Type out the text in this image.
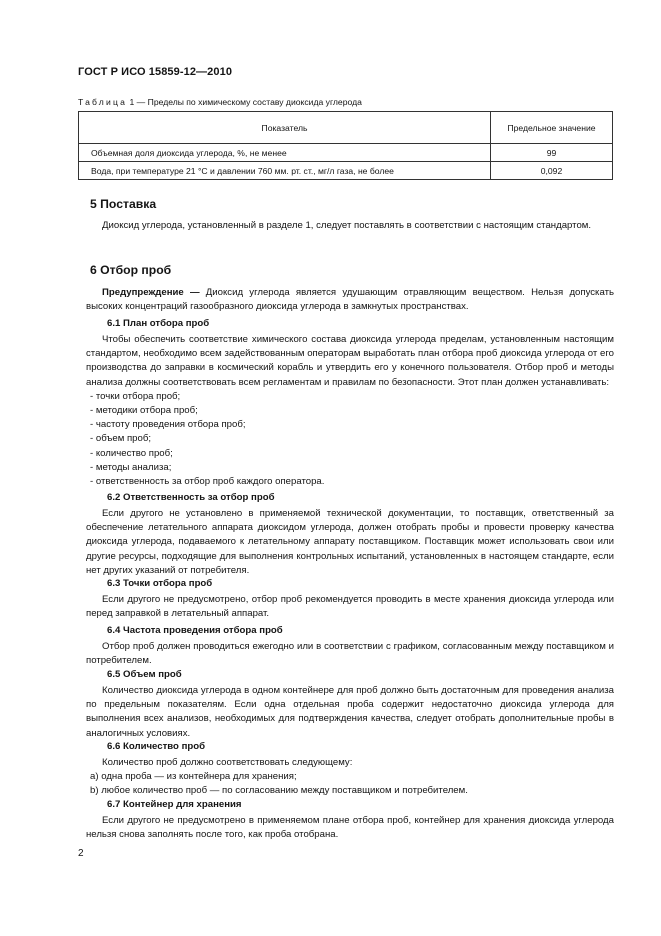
ГОСТ Р ИСО 15859-12—2010
Таблица 1 — Пределы по химическому составу диоксида углерода
Показатель	Предельное значение
Объемная доля диоксида углерода, %, не менее	99
Вода, при температуре 21 °С и давлении 760 мм. рт. ст., мг/л газа, не более	0,092
5 Поставка

Диоксид углерода, установленный в разделе 1, следует поставлять в соответствии с настоящим стандартом.

6 Отбор проб

Предупреждение — Диоксид углерода является удушающим отравляющим веществом. Нельзя допускать высоких концентраций газообразного диоксида углерода в замкнутых пространствах.

6.1 План отбора проб

Чтобы обеспечить соответствие химического состава диоксида углерода пределам, установленным настоящим стандартом, необходимо всем задействованным операторам выработать план отбора проб диоксида углерода от его производства до заправки в космический корабль и утвердить его у конечного пользователя. Отбор проб и методы анализа должны соответствовать всем регламентам и правилам по безопасности. Этот план должен устанавливать:

- точки отбора проб;

- методики отбора проб;

- частоту проведения отбора проб;

- объем проб;

- количество проб;

- методы анализа;

- ответственность за отбор проб каждого оператора.

6.2 Ответственность за отбор проб

Если другого не установлено в применяемой технической документации, то поставщик, ответственный за обеспечение летательного аппарата диоксидом углерода, должен отобрать пробы и провести проверку качества диоксида углерода, подаваемого к летательному аппарату поставщиком. Поставщик может использовать свои или другие ресурсы, подходящие для выполнения контрольных испытаний, установленных в настоящем стандарте, если нет других указаний от потребителя.

6.3 Точки отбора проб

Если другого не предусмотрено, отбор проб рекомендуется проводить в месте хранения диоксида углерода или перед заправкой в летательный аппарат.

6.4 Частота проведения отбора проб

Отбор проб должен проводиться ежегодно или в соответствии с графиком, согласованным между поставщиком и потребителем.

6.5 Объем проб

Количество диоксида углерода в одном контейнере для проб должно быть достаточным для проведения анализа по предельным показателям. Если одна отдельная проба содержит недостаточно диоксида углерода для выполнения всех анализов, необходимых для подтверждения качества, следует отобрать дополнительные пробы в аналогичных условиях.

6.6 Количество проб

Количество проб должно соответствовать следующему:

а) одна проба — из контейнера для хранения;

b) любое количество проб — по согласованию между поставщиком и потребителем.

6.7 Контейнер для хранения

Если другого не предусмотрено в применяемом плане отбора проб, контейнер для хранения диоксида углерода нельзя снова заполнять после того, как проба отобрана.

2
